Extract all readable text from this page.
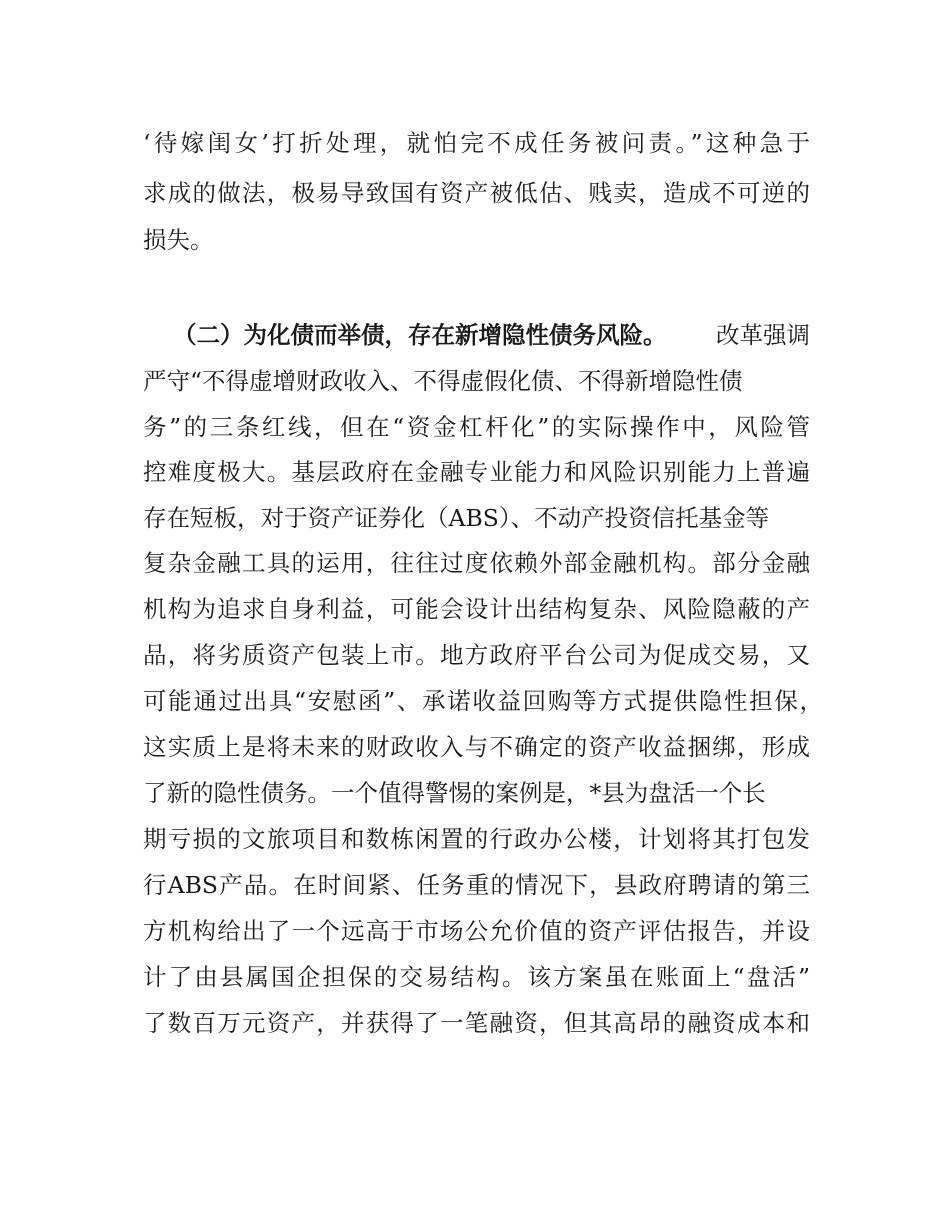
‘待嫁闺女’打折处理，就怕完不成任务被问责。”这种急于
求成的做法，极易导致国有资产被低估、贱卖，造成不可逆的
损失。
（二）为化债而举债，存在新增隐性债务风险。 改革强调
严守“不得虚增财政收入、不得虚假化债、不得新增隐性债
务”的三条红线，但在“资金杠杆化”的实际操作中，风险管
控难度极大。基层政府在金融专业能力和风险识别能力上普遍
存在短板，对于资产证券化（ABS）、不动产投资信托基金等
复杂金融工具的运用，往往过度依赖外部金融机构。部分金融
机构为追求自身利益，可能会设计出结构复杂、风险隐蔽的产
品，将劣质资产包装上市。地方政府平台公司为促成交易，又
可能通过出具“安慰函”、承诺收益回购等方式提供隐性担保，
这实质上是将未来的财政收入与不确定的资产收益捆绑，形成
了新的隐性债务。一个值得警惕的案例是，*县为盘活一个长
期亏损的文旅项目和数栋闲置的行政办公楼，计划将其打包发
行ABS产品。在时间紧、任务重的情况下，县政府聘请的第三
方机构给出了一个远高于市场公允价值的资产评估报告，并设
计了由县属国企担保的交易结构。该方案虽在账面上“盘活”
了数百万元资产，并获得了一笔融资，但其高昂的融资成本和
